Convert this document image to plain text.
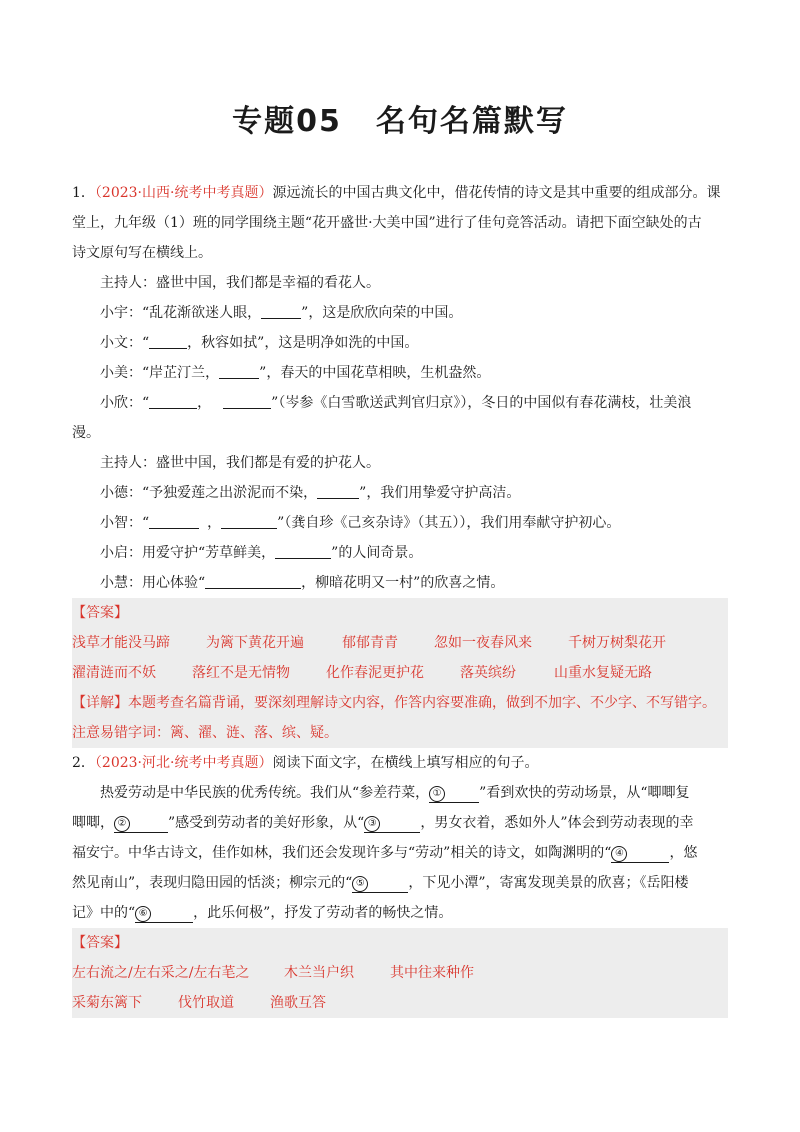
专题05 名句名篇默写
1．（2023·山西·统考中考真题）源远流长的中国古典文化中，借花传情的诗文是其中重要的组成部分。课
堂上，九年级（1）班的同学围绕主题“花开盛世·大美中国”进行了佳句竞答活动。请把下面空缺处的古
诗文原句写在横线上。
主持人：盛世中国，我们都是幸福的看花人。
小宇：“乱花渐欲迷人眼，	”，这是欣欣向荣的中国。
小文：“	，秋容如拭”，这是明净如洗的中国。
小美：“岸芷汀兰，	”，春天的中国花草相映，生机盎然。
小欣：“	，	”（岑参《白雪歌送武判官归京》），冬日的中国似有春花满枝，壮美浪
漫。
主持人：盛世中国，我们都是有爱的护花人。
小德：“予独爱莲之出淤泥而不染，	”，我们用挚爱守护高洁。
小智：“	，	”（龚自珍《己亥杂诗》（其五）），我们用奉献守护初心。
小启：用爱守护“芳草鲜美，	”的人间奇景。
小慧：用心体验“	，柳暗花明又一村”的欣喜之情。
【答案】
浅草才能没马蹄	为篱下黄花开遍	郁郁青青	忽如一夜春风来	千树万树梨花开
濯清涟而不妖	落红不是无情物	化作春泥更护花	落英缤纷	山重水复疑无路
【详解】本题考查名篇背诵，要深刻理解诗文内容，作答内容要准确，做到不加字、不少字、不写错字。
注意易错字词：篱、濯、涟、落、缤、疑。
2．（2023·河北·统考中考真题）阅读下面文字，在横线上填写相应的句子。
热爱劳动是中华民族的优秀传统。我们从“参差荇菜， ①	”看到欢快的劳动场景，从“唧唧复
唧唧， ②	”感受到劳动者的美好形象，从“ ③	，男女衣着，悉如外人”体会到劳动表现的幸
福安宁。中华古诗文，佳作如林，我们还会发现许多与“劳动”相关的诗文，如陶渊明的“ ④	，悠
然见南山”，表现归隐田园的恬淡；柳宗元的“ ⑤	，下见小潭”，寄寓发现美景的欣喜；《岳阳楼
记》中的“ ⑥	，此乐何极”，抒发了劳动者的畅快之情。
【答案】
左右流之/左右采之/左右芼之	木兰当户织	其中往来种作
采菊东篱下	伐竹取道	渔歌互答
